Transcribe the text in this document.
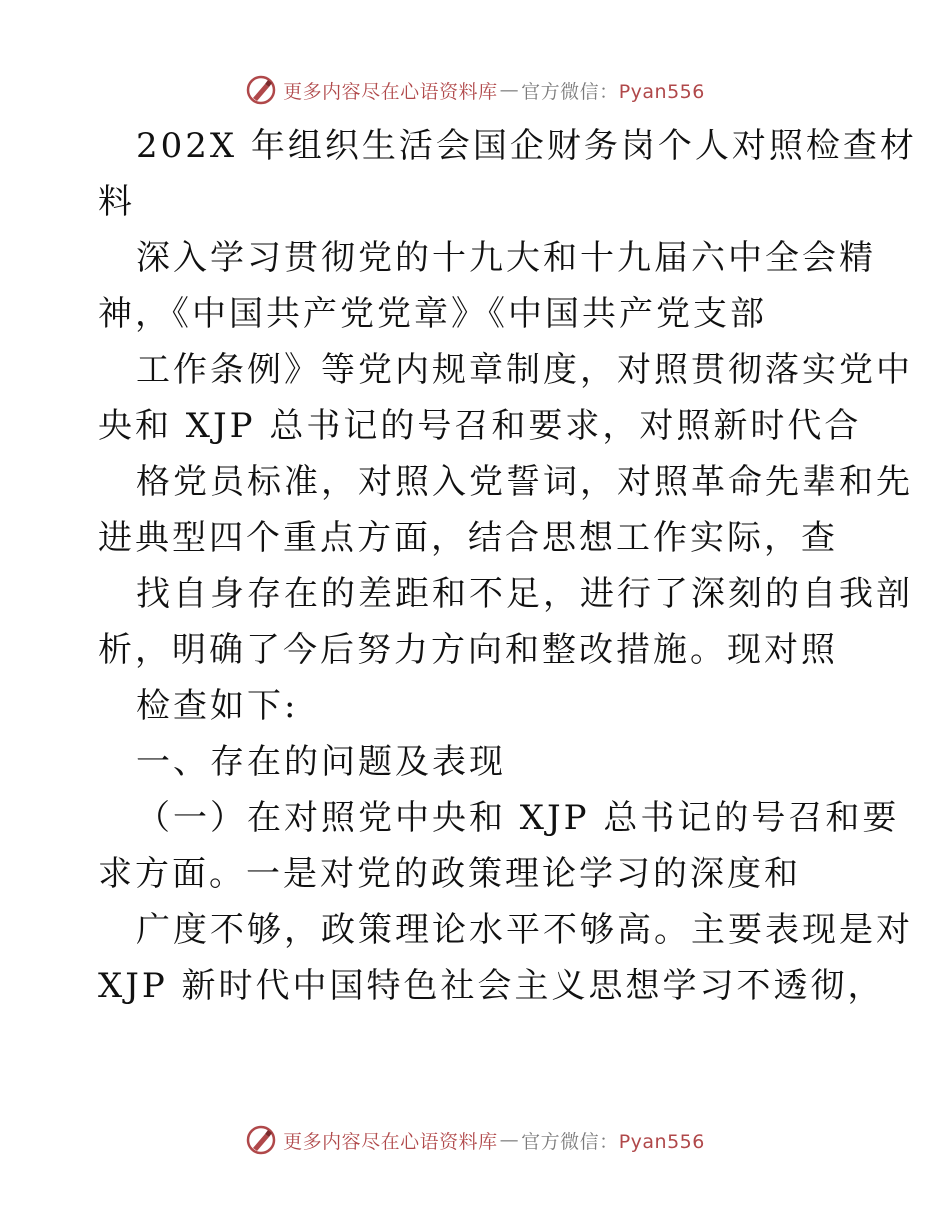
更多内容尽在心语资料库 — 官方微信：Pyan556
202X 年组织生活会国企财务岗个人对照检查材
料
深入学习贯彻党的十九大和十九届六中全会精
神，《中国共产党党章》《中国共产党支部
工作条例》等党内规章制度，对照贯彻落实党中
央和 XJP 总书记的号召和要求，对照新时代合
格党员标准，对照入党誓词，对照革命先辈和先
进典型四个重点方面，结合思想工作实际，查
找自身存在的差距和不足，进行了深刻的自我剖
析，明确了今后努力方向和整改措施。现对照
检查如下:
一、存在的问题及表现
（一）在对照党中央和 XJP 总书记的号召和要
求方面。一是对党的政策理论学习的深度和
广度不够，政策理论水平不够高。主要表现是对
XJP 新时代中国特色社会主义思想学习不透彻，
更多内容尽在心语资料库 — 官方微信：Pyan556
